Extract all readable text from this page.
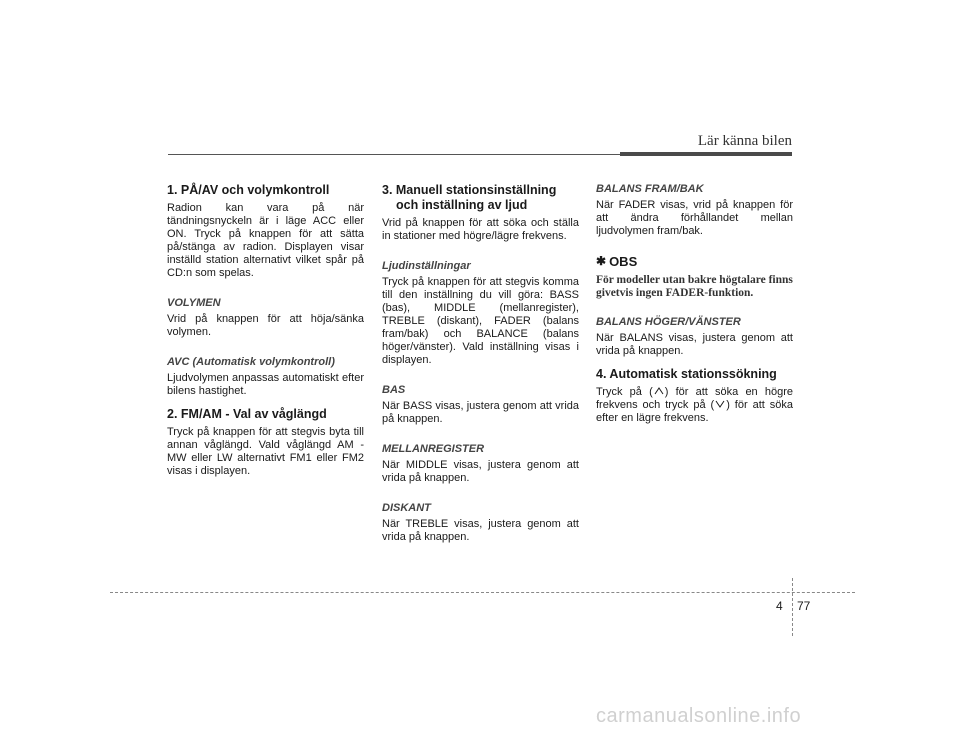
Lär känna bilen
1. PÅ/AV och volymkontroll
Radion kan vara på när tändningsnyckeln är i läge ACC eller ON. Tryck på knappen för att sätta på/stänga av radion. Displayen visar inställd station alternativt vilket spår på CD:n som spelas.
VOLYMEN
Vrid på knappen för att höja/sänka volymen.
AVC (Automatisk volymkontroll)
Ljudvolymen anpassas automatiskt efter bilens hastighet.
2. FM/AM - Val av våglängd
Tryck på knappen för att stegvis byta till annan våglängd. Vald våglängd AM - MW eller LW alternativt FM1 eller FM2 visas i displayen.
3. Manuell stationsinställning och inställning av ljud
Vrid på knappen för att söka och ställa in stationer med högre/lägre frekvens.
Ljudinställningar
Tryck på knappen för att stegvis komma till den inställning du vill göra: BASS (bas), MIDDLE (mellanregister), TREBLE (diskant), FADER (balans fram/bak) och BALANCE (balans höger/vänster). Vald inställning visas i displayen.
BAS
När BASS visas, justera genom att vrida på knappen.
MELLANREGISTER
När MIDDLE visas, justera genom att vrida på knappen.
DISKANT
När TREBLE visas, justera genom att vrida på knappen.
BALANS FRAM/BAK
När FADER visas, vrid på knappen för att ändra förhållandet mellan ljudvolymen fram/bak.
✱ OBS
För modeller utan bakre högtalare finns givetvis ingen FADER-funktion.
BALANS HÖGER/VÄNSTER
När BALANS visas, justera genom att vrida på knappen.
4. Automatisk stationssökning
Tryck på ( ) för att söka en högre frekvens och tryck på ( ) för att söka efter en lägre frekvens.
4 77
carmanualsonline.info
